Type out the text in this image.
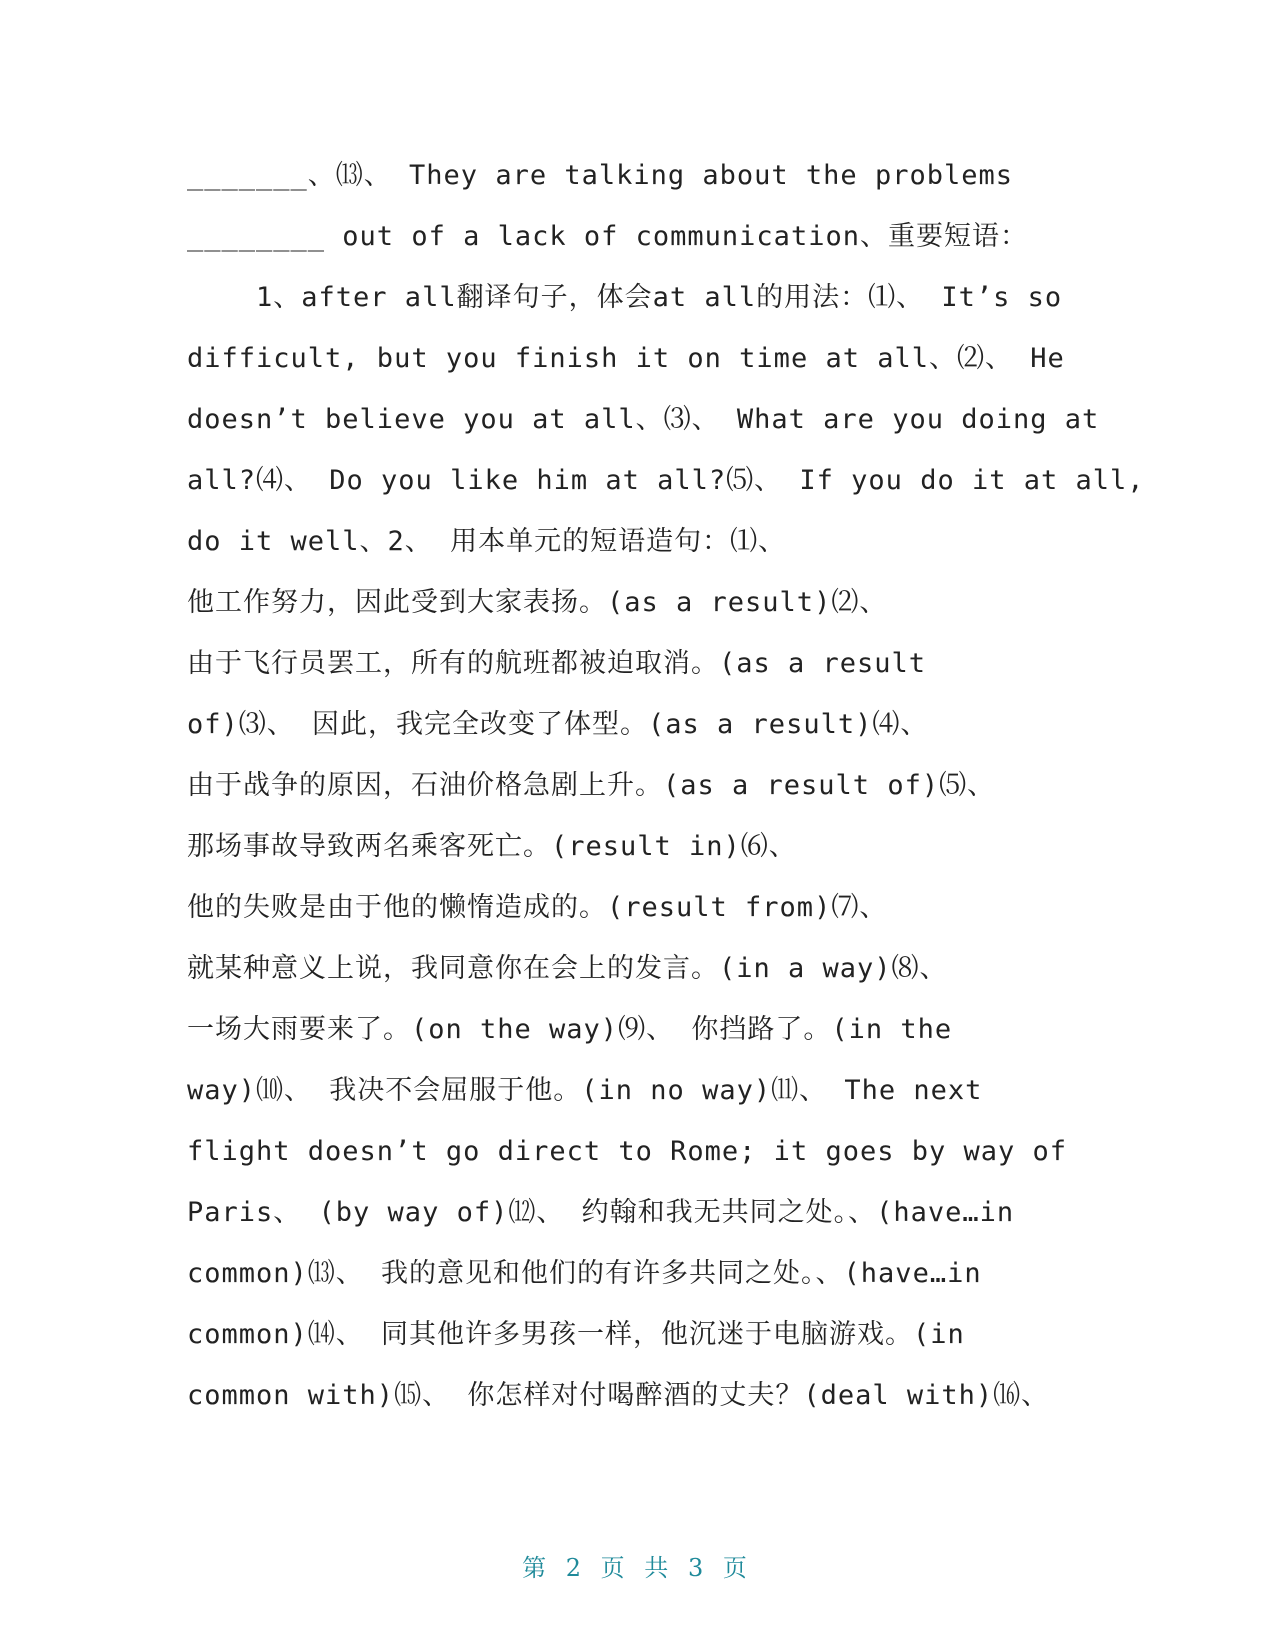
_______、⒀、 They are talking about the problems
________ out of a lack of communication、重要短语：
1、after all翻译句子，体会at all的用法：⑴、 It’s so
difficult, but you finish it on time at all、⑵、 He
doesn’t believe you at all、⑶、 What are you doing at
all?⑷、 Do you like him at all?⑸、 If you do it at all,
do it well、2、 用本单元的短语造句：⑴、
他工作努力，因此受到大家表扬。(as a result)⑵、
由于飞行员罢工，所有的航班都被迫取消。(as a result
of)⑶、 因此，我完全改变了体型。(as a result)⑷、
由于战争的原因，石油价格急剧上升。(as a result of)⑸、
那场事故导致两名乘客死亡。(result in)⑹、
他的失败是由于他的懒惰造成的。(result from)⑺、
就某种意义上说，我同意你在会上的发言。(in a way)⑻、
一场大雨要来了。(on the way)⑼、 你挡路了。(in the
way)⑽、 我决不会屈服于他。(in no way)⑾、 The next
flight doesn’t go direct to Rome; it goes by way of
Paris、 (by way of)⑿、 约翰和我无共同之处。、(have…in
common)⒀、 我的意见和他们的有许多共同之处。、(have…in
common)⒁、 同其他许多男孩一样，他沉迷于电脑游戏。(in
common with)⒂、 你怎样对付喝醉酒的丈夫？(deal with)⒃、
第 2 页 共 3 页
